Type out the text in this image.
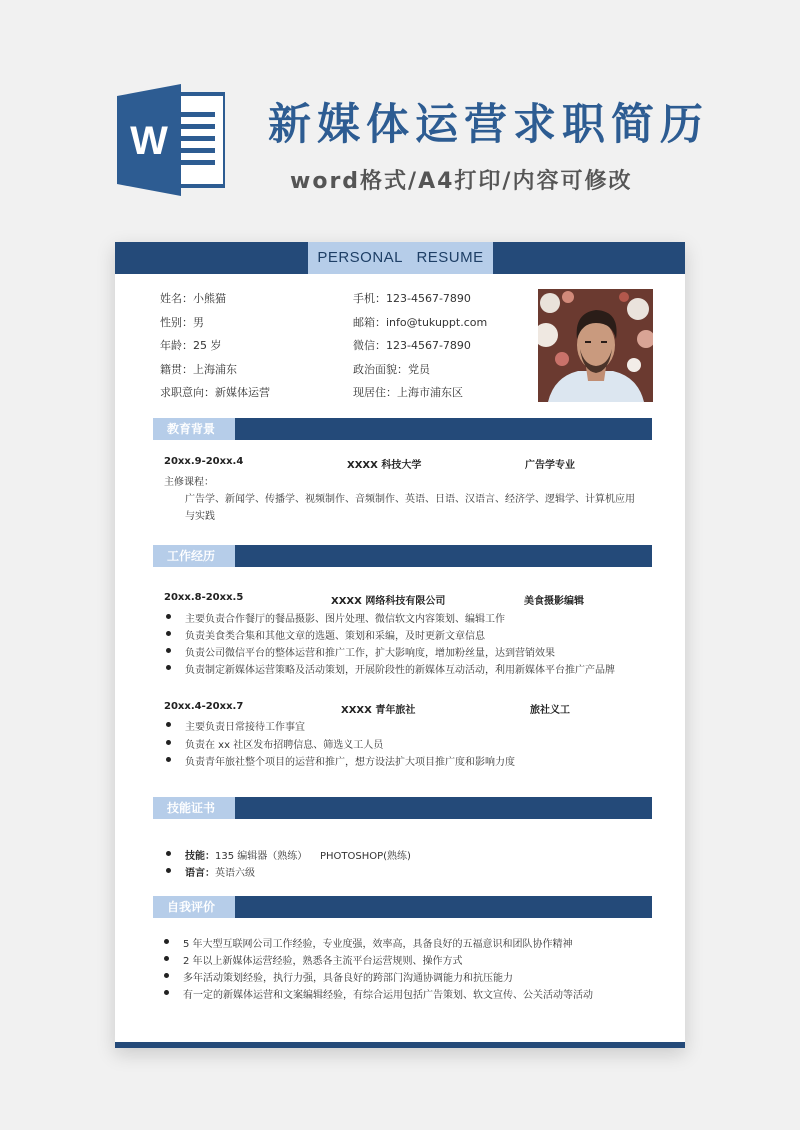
W 新媒体运营求职简历
word格式/A4打印/内容可修改
PERSONAL   RESUME
姓名：小熊猫
性别：男
年龄：25 岁
籍贯：上海浦东
求职意向：新媒体运营
手机：123-4567-7890
邮箱：info@tukuppt.com
微信：123-4567-7890
政治面貌：党员
现居住：上海市浦东区
教育背景
20xx.9-20xx.4	XXXX 科技大学	广告学专业
主修课程：
广告学、新闻学、传播学、视频制作、音频制作、英语、日语、汉语言、经济学、逻辑学、计算机应用
与实践
工作经历
20xx.8-20xx.5	XXXX 网络科技有限公司	美食摄影编辑
主要负责合作餐厅的餐品摄影、图片处理、微信软文内容策划、编辑工作
负责美食类合集和其他文章的选题、策划和采编，及时更新文章信息
负责公司微信平台的整体运营和推广工作，扩大影响度，增加粉丝量，达到营销效果
负责制定新媒体运营策略及活动策划，开展阶段性的新媒体互动活动，利用新媒体平台推广产品牌
20xx.4-20xx.7	XXXX 青年旅社	旅社义工
主要负责日常接待工作事宜
负责在 xx 社区发布招聘信息、筛选义工人员
负责青年旅社整个项目的运营和推广，想方设法扩大项目推广度和影响力度
技能证书
技能：135 编辑器（熟练）    PHOTOSHOP(熟练)
语言：英语六级
自我评价
5 年大型互联网公司工作经验，专业度强，效率高，具备良好的五福意识和团队协作精神
2 年以上新媒体运营经验，熟悉各主流平台运营规则、操作方式
多年活动策划经验，执行力强，具备良好的跨部门沟通协调能力和抗压能力
有一定的新媒体运营和文案编辑经验，有综合运用包括广告策划、软文宣传、公关活动等活动
